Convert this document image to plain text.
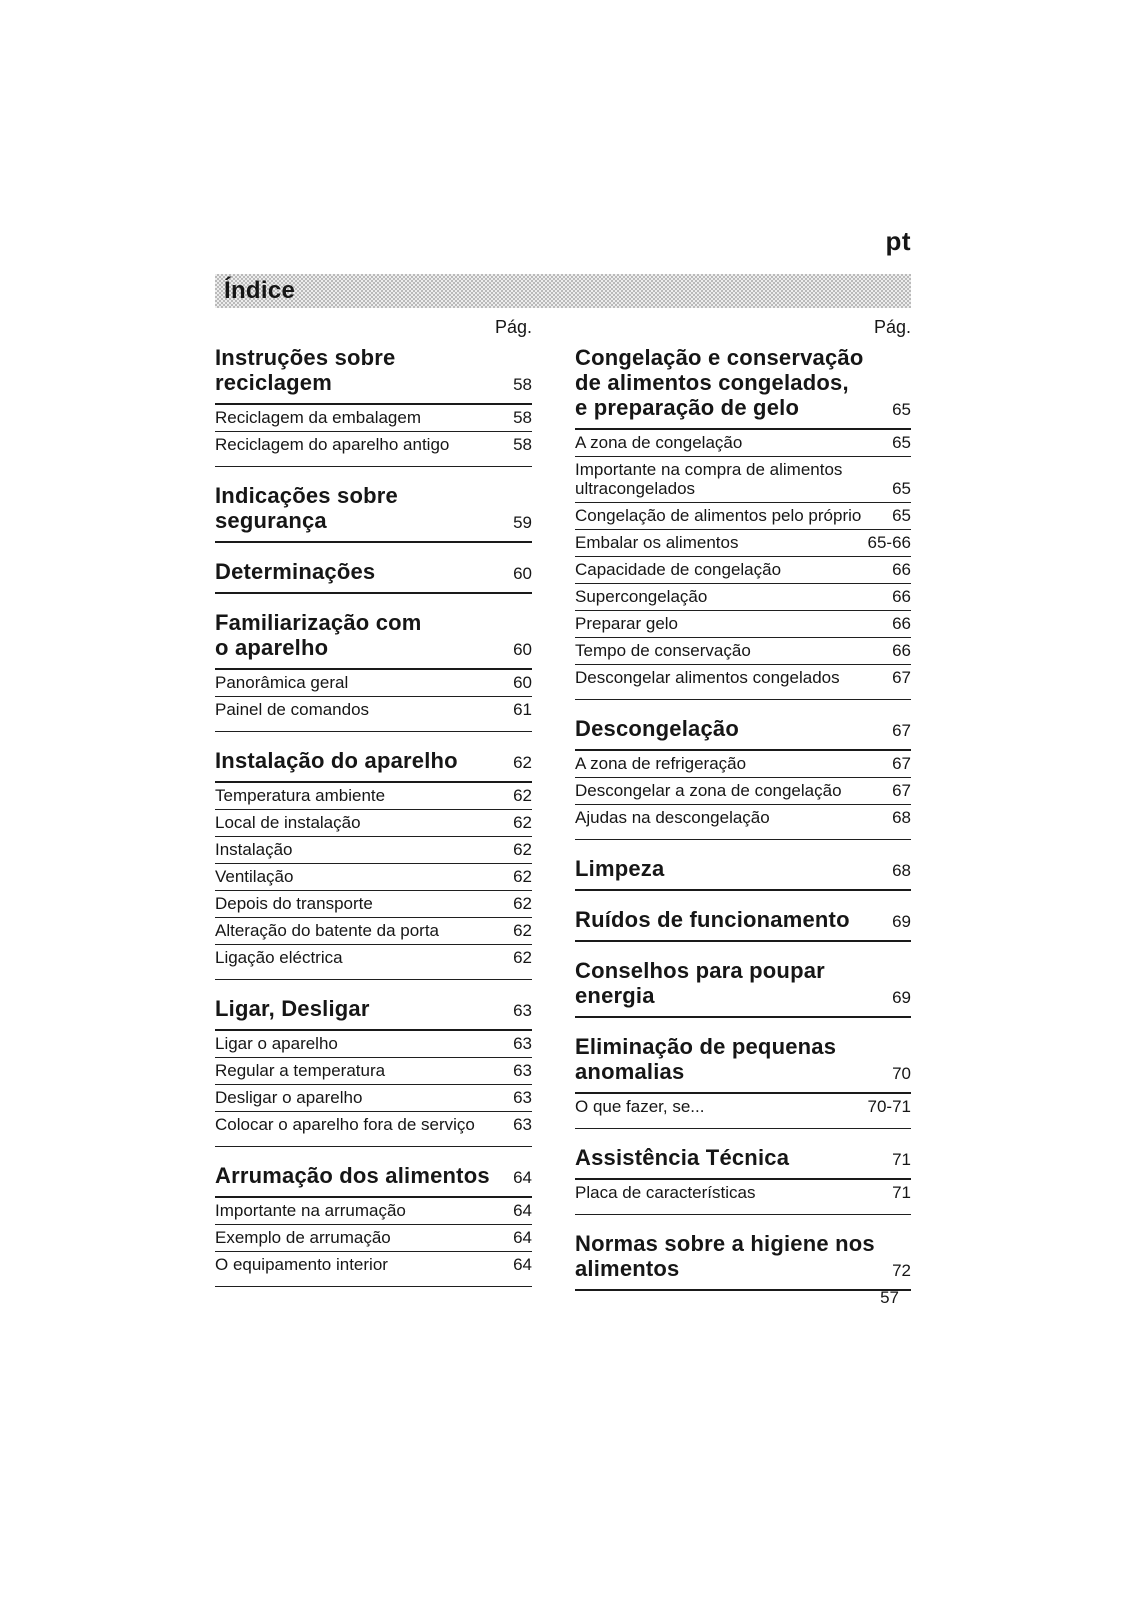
pt
Índice
Pág.	Pág.
Instruções sobre
reciclagem	58
Reciclagem da embalagem	58
Reciclagem do aparelho antigo	58
Indicações sobre
segurança	59
Determinações	60
Familiarização com
o aparelho	60
Panorâmica geral	60
Painel de comandos	61
Instalação do aparelho	62
Temperatura ambiente	62
Local de instalação	62
Instalação	62
Ventilação	62
Depois do transporte	62
Alteração do batente da porta	62
Ligação eléctrica	62
Ligar, Desligar	63
Ligar o aparelho	63
Regular a temperatura	63
Desligar o aparelho	63
Colocar o aparelho fora de serviço	63
Arrumação dos alimentos	64
Importante na arrumação	64
Exemplo de arrumação	64
O equipamento interior	64
Congelação e conservação
de alimentos congelados,
e preparação de gelo	65
A zona de congelação	65
Importante na compra de alimentos
ultracongelados	65
Congelação de alimentos pelo próprio	65
Embalar os alimentos	65-66
Capacidade de congelação	66
Supercongelação	66
Preparar gelo	66
Tempo de conservação	66
Descongelar alimentos congelados	67
Descongelação	67
A zona de refrigeração	67
Descongelar a zona de congelação	67
Ajudas na descongelação	68
Limpeza	68
Ruídos de funcionamento	69
Conselhos para poupar
energia	69
Eliminação de pequenas
anomalias	70
O que fazer, se...	70-71
Assistência Técnica	71
Placa de características	71
Normas sobre a higiene nos
alimentos	72
57
